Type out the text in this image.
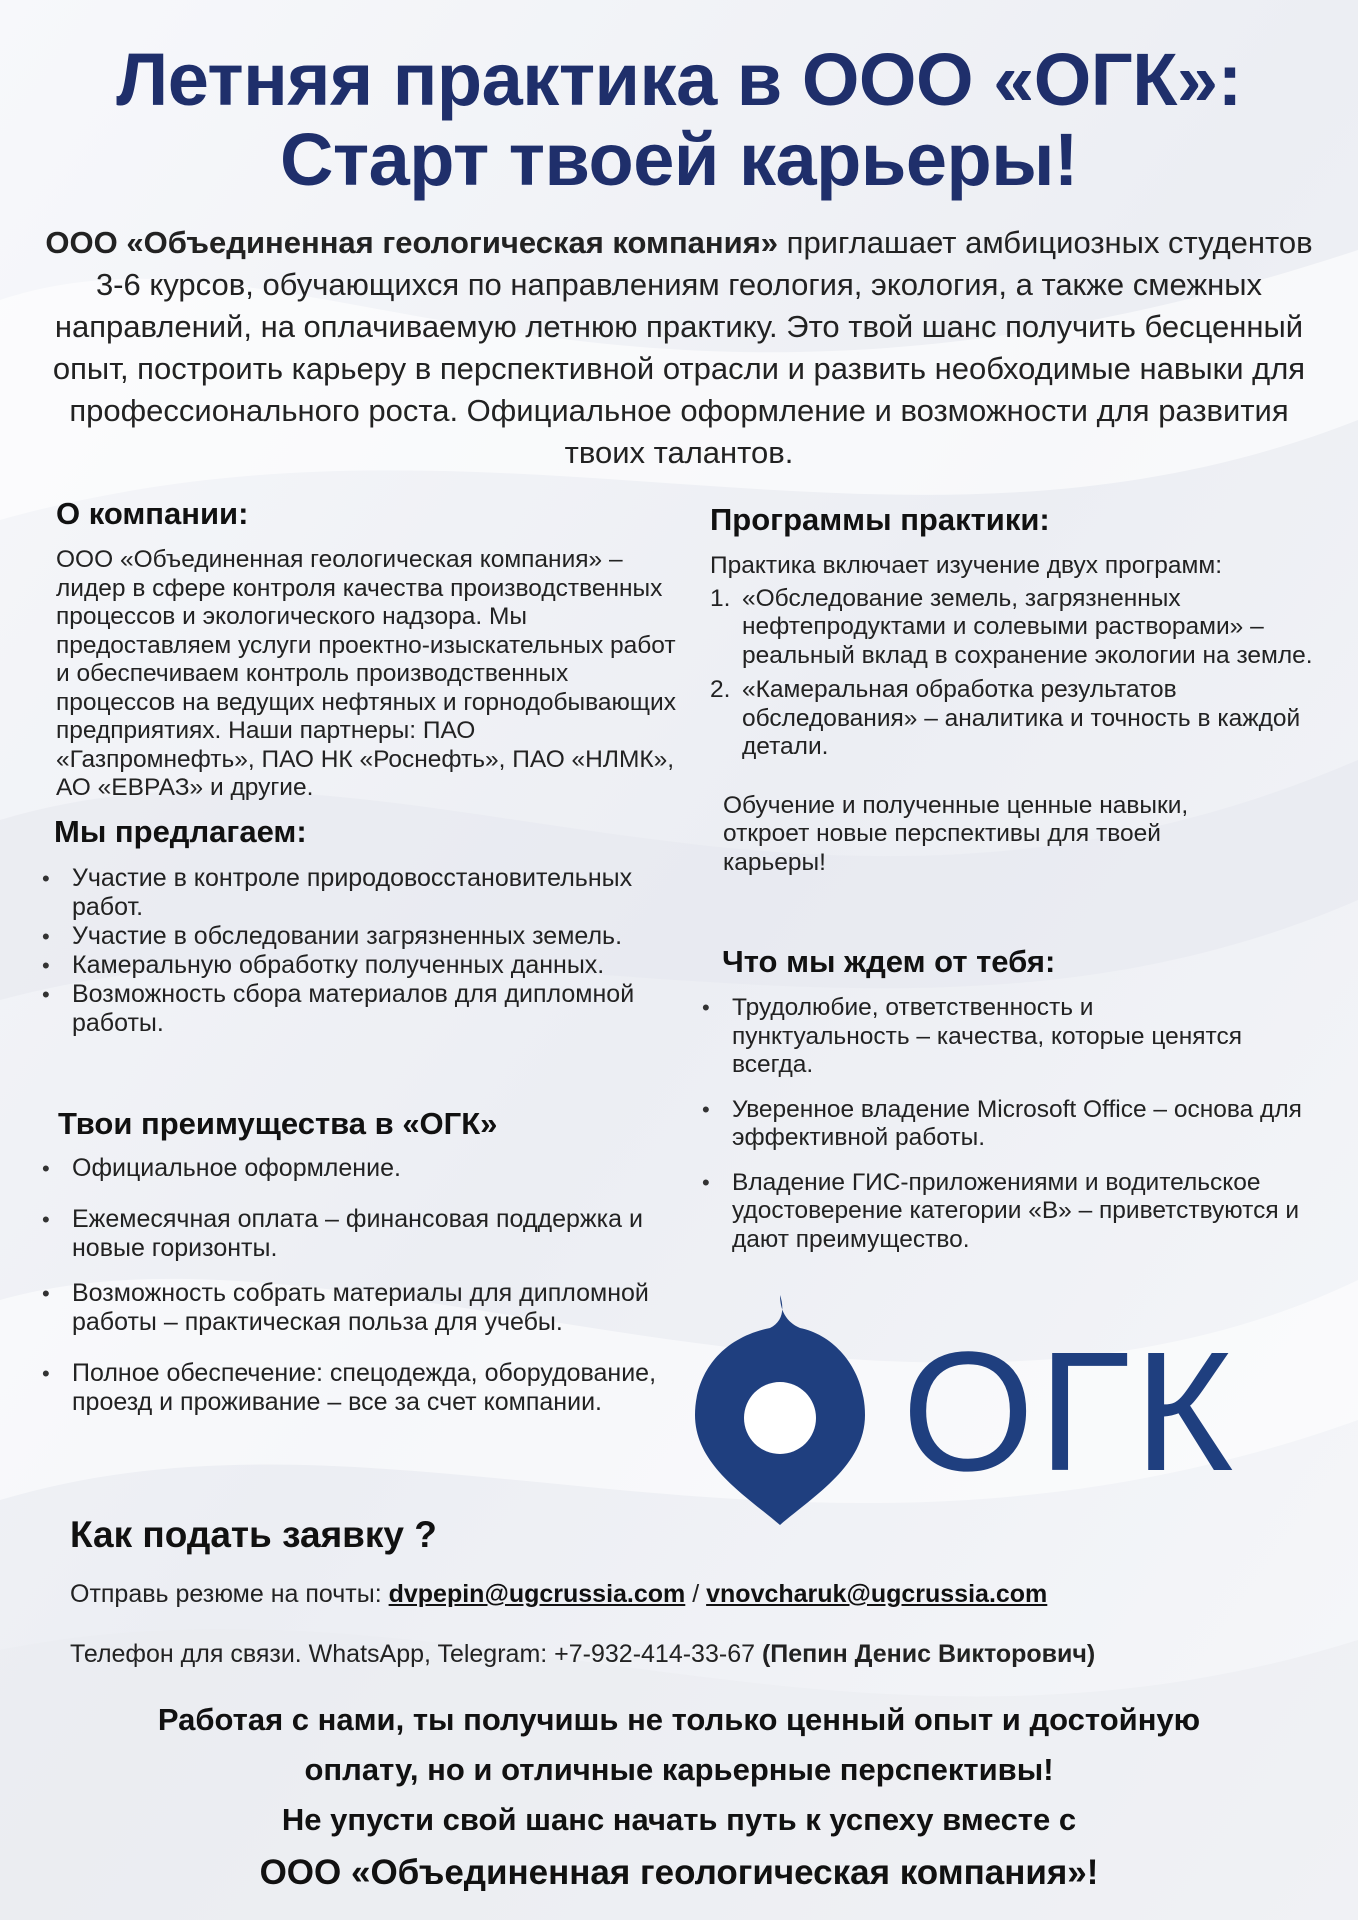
Летняя практика в ООО «ОГК»:
Старт твоей карьеры!
ООО «Объединенная геологическая компания» приглашает амбициозных студентов 3-6 курсов, обучающихся по направлениям геология, экология, а также смежных направлений, на оплачиваемую летнюю практику. Это твой шанс получить бесценный опыт, построить карьеру в перспективной отрасли и развить необходимые навыки для профессионального роста. Официальное оформление и возможности для развития твоих талантов.
О компании:
ООО «Объединенная геологическая компания» – лидер в сфере контроля качества производственных процессов и экологического надзора. Мы предоставляем услуги проектно-изыскательных работ и обеспечиваем контроль производственных процессов на ведущих нефтяных и горнодобывающих предприятиях. Наши партнеры: ПАО «Газпромнефть», ПАО НК «Роснефть», ПАО «НЛМК», АО «ЕВРАЗ» и другие.
Мы предлагаем:
• Участие в контроле природовосстановительных работ.
• Участие в обследовании загрязненных земель.
• Камеральную обработку полученных данных.
• Возможность сбора материалов для дипломной работы.
Твои преимущества в «ОГК»
• Официальное оформление.
• Ежемесячная оплата – финансовая поддержка и новые горизонты.
• Возможность собрать материалы для дипломной работы – практическая польза для учебы.
• Полное обеспечение: спецодежда, оборудование, проезд и проживание – все за счет компании.
Программы практики:
Практика включает изучение двух программ:
1. «Обследование земель, загрязненных нефтепродуктами и солевыми растворами» – реальный вклад в сохранение экологии на земле.
2. «Камеральная обработка результатов обследования» – аналитика и точность в каждой детали.
Обучение и полученные ценные навыки, откроет новые перспективы для твоей карьеры!
Что мы ждем от тебя:
• Трудолюбие, ответственность и пунктуальность – качества, которые ценятся всегда.
• Уверенное владение Microsoft Office – основа для эффективной работы.
• Владение ГИС-приложениями и водительское удостоверение категории «В» – приветствуются и дают преимущество.
ОГК
Как подать заявку ?
Отправь резюме на почты: dvpepin@ugcrussia.com / vnovcharuk@ugcrussia.com
Телефон для связи. WhatsApp, Telegram: +7-932-414-33-67 (Пепин Денис Викторович)
Работая с нами, ты получишь не только ценный опыт и достойную
оплату, но и отличные карьерные перспективы!
Не упусти свой шанс начать путь к успеху вместе с
ООО «Объединенная геологическая компания»!
